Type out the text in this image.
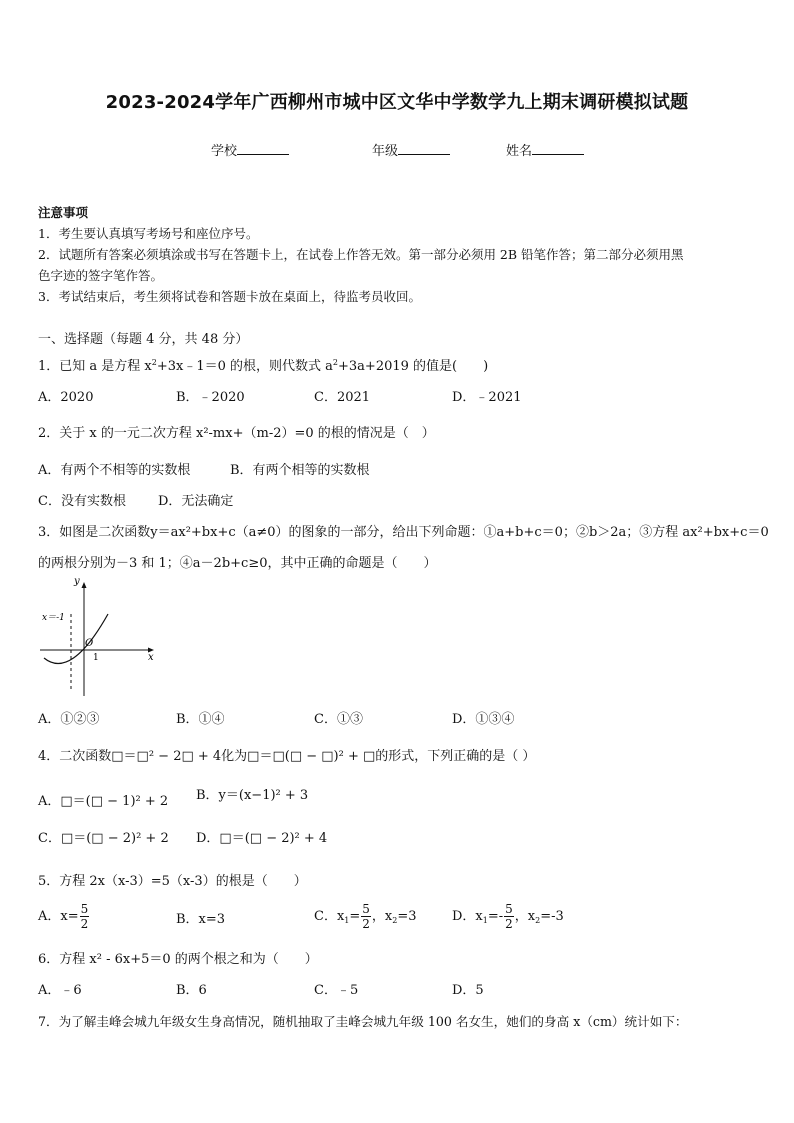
2023-2024学年广西柳州市城中区文华中学数学九上期末调研模拟试题
学校	年级	姓名
注意事项
1．考生要认真填写考场号和座位序号。
2．试题所有答案必须填涂或书写在答题卡上，在试卷上作答无效。第一部分必须用 2B 铅笔作答；第二部分必须用黑
色字迹的签字笔作答。
3．考试结束后，考生须将试卷和答题卡放在桌面上，待监考员收回。
一、选择题（每题 4 分，共 48 分）
1．已知 a 是方程 $x^2+3x﹣1=0$ 的根，则代数式 $a^2+3a+2019$ 的值是(　　)
A．2020	B．﹣2020	C．2021	D．﹣2021
2．关于 x 的一元二次方程 x²-mx+（m-2）=0 的根的情况是（　）
A．有两个不相等的实数根	B．有两个相等的实数根
C．没有实数根 D．无法确定
3．如图是二次函数y＝ax²+bx+c（a≠0）的图象的一部分，给出下列命题：①a+b+c＝0；②b＞2a；③方程 ax²+bx+c＝0
的两根分别为－3 和 1；④a－2b+c≥0，其中正确的命题是（　　）
y
x
x＝-1
O
1
A．①②③	B．①④	C．①③	D．①③④
4．二次函数□＝□² − 2□ + 4化为□＝□(□ − □)² + □的形式，下列正确的是（ ）
A．□＝(□ − 1)² + 2 B．y＝(x−1)² + 3
C．□＝(□ − 2)² + 2 D．□＝(□ − 2)² + 4
5．方程 2x（x-3）=5（x-3）的根是（　　）
A．$x= \frac{5}{2}$	B．x=3	C．$x_1= \frac{5}{2}$ ，$x_2=3$	D．$x_1=- \frac{5}{2}$ ，$x_2=-3$
6．方程 x² - 6x+5＝0 的两个根之和为（　　）
A．﹣6	B．6	C．﹣5	D．5
7．为了解圭峰会城九年级女生身高情况，随机抽取了圭峰会城九年级 100 名女生，她们的身高 x（cm）统计如下：
